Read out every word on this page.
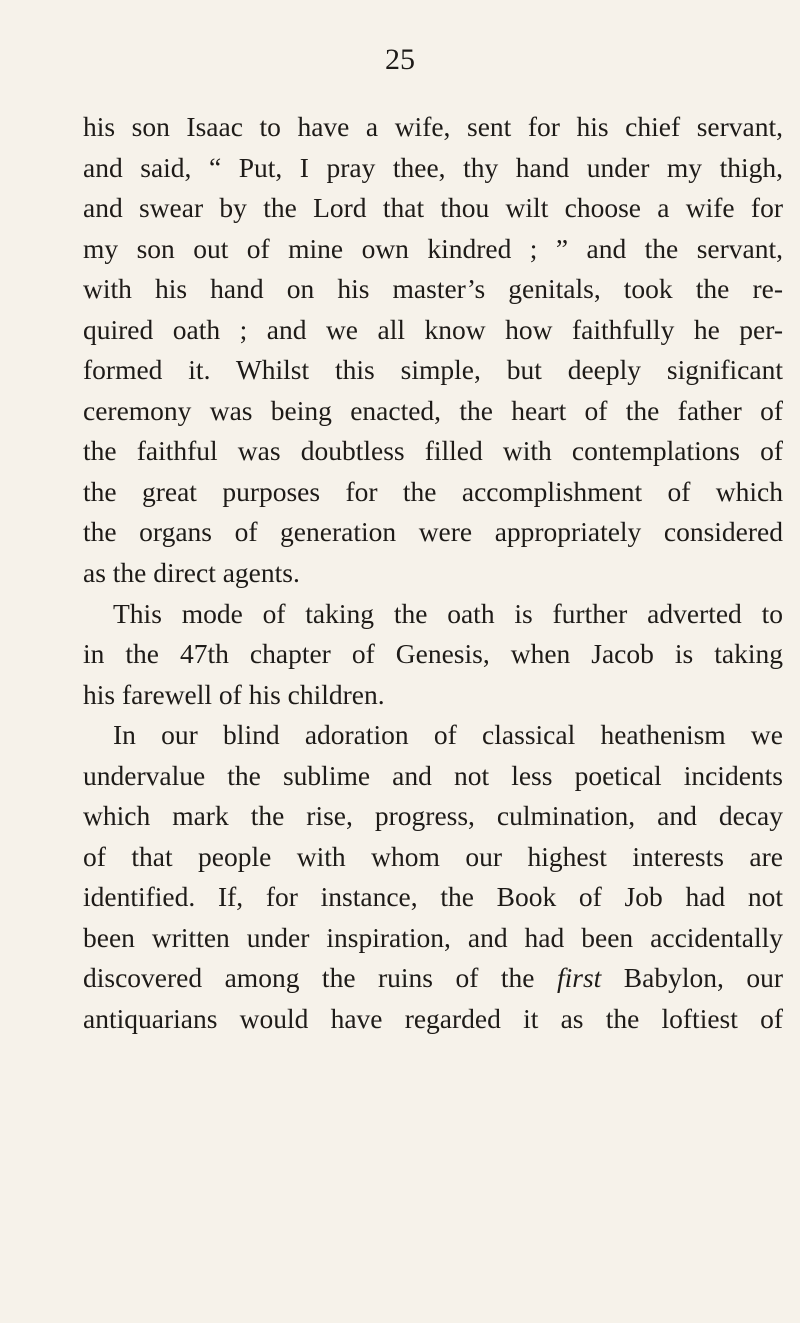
25
his son Isaac to have a wife, sent for his chief servant,
and said, “ Put, I pray thee, thy hand under my thigh,
and swear by the Lord that thou wilt choose a wife for
my son out of mine own kindred ; ” and the servant,
with his hand on his master’s genitals, took the re-
quired oath ; and we all know how faithfully he per-
formed it. Whilst this simple, but deeply significant
ceremony was being enacted, the heart of the father of
the faithful was doubtless filled with contemplations of
the great purposes for the accomplishment of which
the organs of generation were appropriately considered
as the direct agents.
This mode of taking the oath is further adverted to
in the 47th chapter of Genesis, when Jacob is taking
his farewell of his children.
In our blind adoration of classical heathenism we
undervalue the sublime and not less poetical incidents
which mark the rise, progress, culmination, and decay
of that people with whom our highest interests are
identified. If, for instance, the Book of Job had not
been written under inspiration, and had been accidentally
discovered among the ruins of the first Babylon, our
antiquarians would have regarded it as the loftiest of
